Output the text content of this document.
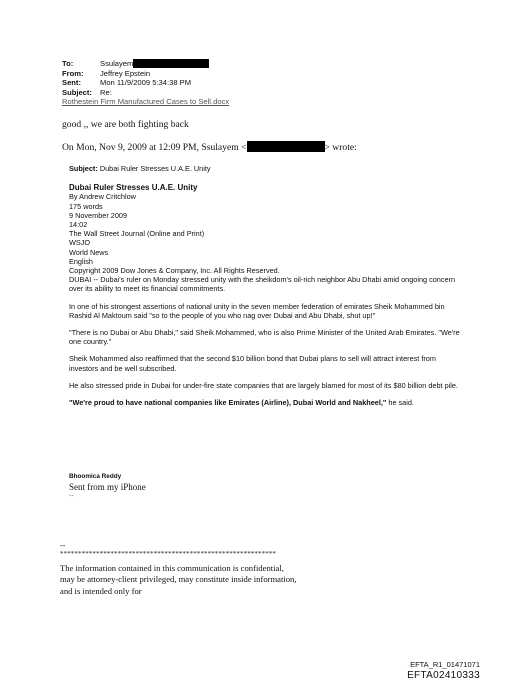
To:	Ssulayem
From:	Jeffrey Epstein
Sent:	Mon 11/9/2009 5:34:38 PM
Subject:	Re:
Rothestein Firm Manufactured Cases to Sell.docx
good ,, we are both fighting back
On Mon, Nov 9, 2009 at 12:09 PM, Ssulayem <	> wrote:

Subject: Dubai Ruler Stresses U.A.E. Unity

Dubai Ruler Stresses U.A.E. Unity

By Andrew Critchlow

175 words

9 November 2009

14:02

The Wall Street Journal (Online and Print)

WSJO

World News

English

Copyright 2009 Dow Jones & Company, Inc. All Rights Reserved.

DUBAI -- Dubai's ruler on Monday stressed unity with the sheikdom's oil-rich neighbor Abu Dhabi amid ongoing concern over its ability to meet its financial commitments.

In one of his strongest assertions of national unity in the seven member federation of emirates Sheik Mohammed bin Rashid Al Maktoum said "so to the people of you who nag over Dubai and Abu Dhabi, shut up!"

"There is no Dubai or Abu Dhabi," said Sheik Mohammed, who is also Prime Minister of the United Arab Emirates. "We're one country."

Sheik Mohammed also reaffirmed that the second $10 billion bond that Dubai plans to sell will attract interest from investors and be well subscribed.

He also stressed pride in Dubai for under-fire state companies that are largely blamed for most of its $80 billion debt pile.

"We're proud to have national companies like Emirates (Airline), Dubai World and Nakheel," he said.

Bhoomica Reddy
Sent from my iPhone
--
--
************************************************************
The information contained in this communication is confidential, may be attorney-client privileged, may constitute inside information, and is intended only for
EFTA_R1_01471071
EFTA02410333
